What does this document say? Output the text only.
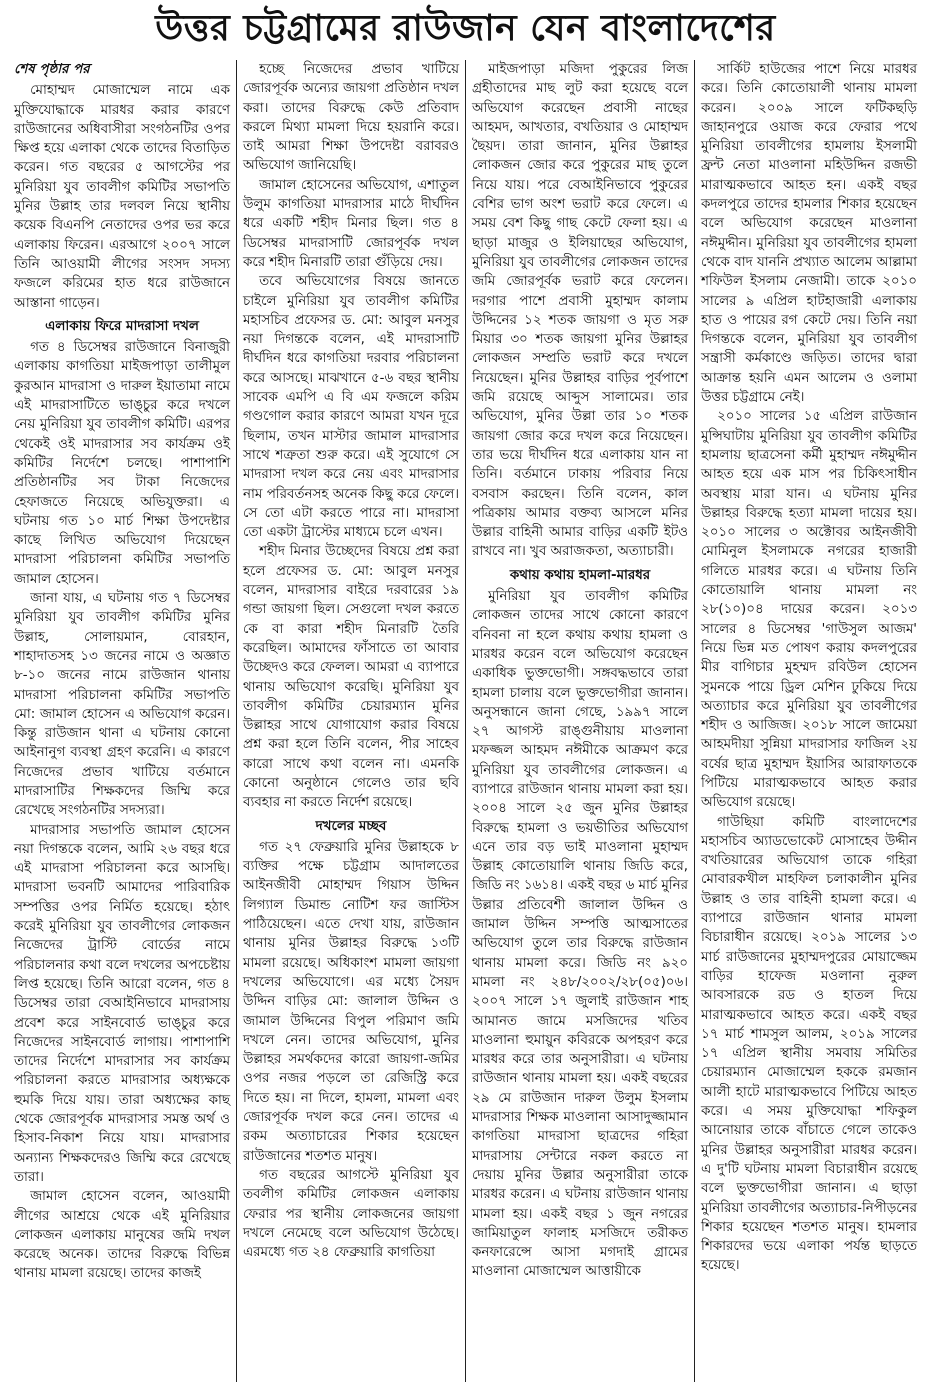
উত্তর চট্টগ্রামের রাউজান যেন বাংলাদেশের
শেষ পৃষ্ঠার পর

মোহাম্মদ মোজাম্মেল নামে এক মুক্তিযোদ্ধাকে মারধর করার কারণে রাউজানের অধিবাসীরা সংগঠনটির ওপর ক্ষিপ্ত হয়ে এলাকা থেকে তাদের বিতাড়িত করেন। গত বছরের ৫ আগস্টের পর মুনিরিয়া যুব তাবলীগ কমিটির সভাপতি মুনির উল্লাহ তার দলবল নিয়ে স্থানীয় কয়েক বিএনপি নেতাদের ওপর ভর করে এলাকায় ফিরেন। এরআগে ২০০৭ সালে তিনি আওয়ামী লীগের সংসদ সদস্য ফজলে করিমের হাত ধরে রাউজানে আস্তানা গাড়েন।

এলাকায় ফিরে মাদরাসা দখল

গত ৪ ডিসেম্বর রাউজানে বিনাজুরী এলাকায় কাগতিয়া মাইজপাড়া তালীমুল কুরআন মাদরাসা ও দারুল ইয়াতামা নামে এই মাদরাসাটিতে ভাঙ্চুর করে দখলে নেয় মুনিরিয়া যুব তাবলীগ কমিটি। এরপর থেকেই ওই মাদরাসার সব কার্যক্রম ওই কমিটির নির্দেশে চলছে। পাশাপাশি প্রতিষ্ঠানটির সব টাকা নিজেদের হেফাজতে নিয়েছে অভিযুক্তরা। এ ঘটনায় গত ১০ মার্চ শিক্ষা উপদেষ্টার কাছে লিখিত অভিযোগ দিয়েছেন মাদরাসা পরিচালনা কমিটির সভাপতি জামাল হোসেন।

জানা যায়, এ ঘটনায় গত ৭ ডিসেম্বর মুনিরিয়া যুব তাবলীগ কমিটির মুনির উল্লাহ, সোলায়মান, বোরহান, শাহাদাতসহ ১৩ জনের নামে ও অজ্ঞাত ৮-১০ জনের নামে রাউজান থানায় মাদরাসা পরিচালনা কমিটির সভাপতি মো: জামাল হোসেন এ অভিযোগ করেন। কিন্তু রাউজান থানা এ ঘটনায় কোনো আইনানুগ ব্যবস্থা গ্রহণ করেনি। এ কারণে নিজেদের প্রভাব খাটিয়ে বর্তমানে মাদরাসাটির শিক্ষকদের জিম্মি করে রেখেছে সংগঠনটির সদস্যরা।

মাদরাসার সভাপতি জামাল হোসেন নয়া দিগন্তকে বলেন, আমি ২৬ বছর ধরে এই মাদরাসা পরিচালনা করে আসছি। মাদরাসা ভবনটি আমাদের পারিবারিক সম্পত্তির ওপর নির্মিত হয়েছে। হঠাৎ করেই মুনিরিয়া যুব তাবলীগের লোকজন নিজেদের ট্রাস্টি বোর্ডের নামে পরিচালনার কথা বলে দখলের অপচেষ্টায় লিপ্ত হয়েছে। তিনি আরো বলেন, গত ৪ ডিসেম্বর তারা বেআইনিভাবে মাদরাসায় প্রবেশ করে সাইনবোর্ড ভাঙ্চুর করে নিজেদের সাইনবোর্ড লাগায়। পাশাপাশি তাদের নির্দেশে মাদরাসার সব কার্যক্রম পরিচালনা করতে মাদরাসার অধ্যক্ষকে হুমকি দিয়ে যায়। তারা অধ্যক্ষের কাছ থেকে জোরপূর্বক মাদরাসার সমস্ত অর্থ ও হিসাব-নিকাশ নিয়ে যায়। মাদরাসার অন্যান্য শিক্ষকদেরও জিম্মি করে রেখেছে তারা।

জামাল হোসেন বলেন, আওয়ামী লীগের আশ্রয়ে থেকে এই মুনিরিয়ার লোকজন এলাকায় মানুষের জমি দখল করেছে অনেক। তাদের বিরুদ্ধে বিভিন্ন থানায় মামলা রয়েছে। তাদের কাজই

হচ্ছে নিজেদের প্রভাব খাটিয়ে জোরপূর্বক অন্যের জায়গা প্রতিষ্ঠান দখল করা। তাদের বিরুদ্ধে কেউ প্রতিবাদ করলে মিথ্যা মামলা দিয়ে হয়রানি করে। তাই আমরা শিক্ষা উপদেষ্টা বরাবরও অভিযোগ জানিয়েছি।

জামাল হোসেনের অভিযোগ, এশাতুল উলুম কাগতিয়া মাদরাসার মাঠে দীর্ঘদিন ধরে একটি শহীদ মিনার ছিল। গত ৪ ডিসেম্বর মাদরাসাটি জোরপূর্বক দখল করে শহীদ মিনারটি তারা গুঁড়িয়ে দেয়।

তবে অভিযোগের বিষয়ে জানতে চাইলে মুনিরিয়া যুব তাবলীগ কমিটির মহাসচিব প্রফেসর ড. মো: আবুল মনসুর নয়া দিগন্তকে বলেন, এই মাদরাসাটি দীর্ঘদিন ধরে কাগতিয়া দরবার পরিচালনা করে আসছে। মাঝখানে ৫-৬ বছর স্থানীয় সাবেক এমপি এ বি এম ফজলে করিম গণ্ডগোল করার কারণে আমরা যখন দূরে ছিলাম, তখন মাস্টার জামাল মাদরাসার সাথে শত্রুতা শুরু করে। এই সুযোগে সে মাদরাসা দখল করে নেয় এবং মাদরাসার নাম পরিবর্তনসহ অনেক কিছু করে ফেলে। সে তো এটা করতে পারে না। মাদরাসা তো একটা ট্রাস্টের মাধ্যমে চলে এখন।

শহীদ মিনার উচ্ছেদের বিষয়ে প্রশ্ন করা হলে প্রফেসর ড. মো: আবুল মনসুর বলেন, মাদরাসার বাইরে দরবারের ১৯ গন্ডা জায়গা ছিল। সেগুলো দখল করতে কে বা কারা শহীদ মিনারটি তৈরি করেছিল। আমাদের ফাঁসাতে তা আবার উচ্ছেদও করে ফেলল। আমরা এ ব্যাপারে থানায় অভিযোগ করেছি। মুনিরিয়া যুব তাবলীগ কমিটির চেয়ারম্যান মুনির উল্লাহর সাথে যোগাযোগ করার বিষয়ে প্রশ্ন করা হলে তিনি বলেন, পীর সাহেব কারো সাথে কথা বলেন না। এমনকি কোনো অনুষ্ঠানে গেলেও তার ছবি ব্যবহার না করতে নির্দেশ রয়েছে।

দখলের মচ্ছব

গত ২৭ ফেব্রুয়ারি মুনির উল্লাহকে ৮ ব্যক্তির পক্ষে চট্টগ্রাম আদালতের আইনজীবী মোহাম্মদ গিয়াস উদ্দিন লিগ্যাল ডিমান্ড নোটিশ ফর জাস্টিস পাঠিয়েছেন। এতে দেখা যায়, রাউজান থানায় মুনির উল্লাহর বিরুদ্ধে ১৩টি মামলা রয়েছে। অধিকাংশ মামলা জায়গা দখলের অভিযোগে। এর মধ্যে সৈয়দ উদ্দিন বাড়ির মো: জালাল উদ্দিন ও জামাল উদ্দিনের বিপুল পরিমাণ জমি দখলে নেন। তাদের অভিযোগ, মুনির উল্লাহর সমর্থকদের কারো জায়গা-জমির ওপর নজর পড়লে তা রেজিস্ট্রি করে দিতে হয়। না দিলে, হামলা, মামলা এবং জোরপূর্বক দখল করে নেন। তাদের এ রকম অত্যাচারের শিকার হয়েছেন রাউজানের শতশত মানুষ।

গত বছরের আগস্টে মুনিরিয়া যুব তবলীগ কমিটির লোকজন এলাকায় ফেরার পর স্থানীয় লোকজনের জায়গা দখলে নেমেছে বলে অভিযোগ উঠেছে। এরমধ্যে গত ২৪ ফেব্রুয়ারি কাগতিয়া

মাইজপাড়া মজিদা পুকুরের লিজ গ্রহীতাদের মাছ লুট করা হয়েছে বলে অভিযোগ করেছেন প্রবাসী নাছের আহমদ, আখতার, বখতিয়ার ও মোহাম্মদ ছৈয়দ। তারা জানান, মুনির উল্লাহর লোকজন জোর করে পুকুরের মাছ তুলে নিয়ে যায়। পরে বেআইনিভাবে পুকুরের বেশির ভাগ অংশ ভরাট করে ফেলে। এ সময় বেশ কিছু গাছ কেটে ফেলা হয়। এ ছাড়া মাজুর ও ইলিয়াছের অভিযোগ, মুনিরিয়া যুব তাবলীগের লোকজন তাদের জমি জোরপূর্বক ভরাট করে ফেলেন। দরগার পাশে প্রবাসী মুহাম্মদ কালাম উদ্দিনের ১২ শতক জায়গা ও মৃত সরু মিয়ার ৩০ শতক জায়গা মুনির উল্লাহর লোকজন সম্প্রতি ভরাট করে দখলে নিয়েছেন। মুনির উল্লাহর বাড়ির পূর্বপাশে জমি রয়েছে আব্দুস সালামের। তার অভিযোগ, মুনির উল্লা তার ১০ শতক জায়গা জোর করে দখল করে নিয়েছেন। তার ভয়ে দীর্ঘদিন ধরে এলাকায় যান না তিনি। বর্তমানে ঢাকায় পরিবার নিয়ে বসবাস করছেন। তিনি বলেন, কাল পত্রিকায় আমার বক্তব্য আসলে মনির উল্লার বাহিনী আমার বাড়ির একটি ইটও রাখবে না। খুব অরাজকতা, অত্যাচারী।

কথায় কথায় হামলা-মারধর

মুনিরিয়া যুব তাবলীগ কমিটির লোকজন তাদের সাথে কোনো কারণে বনিবনা না হলে কথায় কথায় হামলা ও মারধর করেন বলে অভিযোগ করেছেন একাধিক ভুক্তভোগী। সঙ্গবদ্ধভাবে তারা হামলা চালায় বলে ভুক্তভোগীরা জানান। অনুসন্ধানে জানা গেছে, ১৯৯৭ সালে ২৭ আগস্ট রাঙ্গুনীয়ায় মাওলানা মফজ্জল আহমদ নঈমীকে আক্রমণ করে মুনিরিয়া যুব তাবলীগের লোকজন। এ ব্যাপারে রাউজান থানায় মামলা করা হয়। ২০০৪ সালে ২৫ জুন মুনির উল্লাহর বিরুদ্ধে হামলা ও ভয়ভীতির অভিযোগ এনে তার বড় ভাই মাওলানা মুহাম্মদ উল্লাহ কোতোয়ালি থানায় জিডি করে, জিডি নং ১৬১৪। একই বছর ৬ মার্চ মুনির উল্লার প্রতিবেশী জালাল উদ্দিন ও জামাল উদ্দিন সম্পত্তি আত্মসাতের অভিযোগ তুলে তার বিরুদ্ধে রাউজান থানায় মামলা করে। জিডি নং ৯২০ মামলা নং ২৪৮/২০০২/২৮(০৫)০৬। ২০০৭ সালে ১৭ জুলাই রাউজান শাহ আমানত জামে মসজিদের খতিব মাওলানা হুমায়ুন কবিরকে অপহরণ করে মারধর করে তার অনুসারীরা। এ ঘটনায় রাউজান থানায় মামলা হয়। একই বছরের ২৯ মে রাউজান দারুল উলুম ইসলাম মাদরাসার শিক্ষক মাওলানা আসাদুজ্জামান কাগতিয়া মাদরাসা ছাত্রদের গহিরা মাদরাসায় সেন্টারে নকল করতে না দেয়ায় মুনির উল্লার অনুসারীরা তাকে মারধর করেন। এ ঘটনায় রাউজান থানায় মামলা হয়। একই বছর ১ জুন নগরের জামিয়াতুল ফালাহ মসজিদে তরীকত কনফারেন্সে আসা মগদাই গ্রামের মাওলানা মোজাম্মেল আত্তায়ীকে

সার্কিট হাউজের পাশে নিয়ে মারধর করে। তিনি কোতোয়ালী থানায় মামলা করেন। ২০০৯ সালে ফটিকছড়ি জাহানপুরে ওয়াজ করে ফেরার পথে মুনিরিয়া তাবলীগের হামলায় ইসলামী ফ্রন্ট নেতা মাওলানা মহিউদ্দিন রজভী মারাত্মকভাবে আহত হন। একই বছর কদলপুরে তাদের হামলার শিকার হয়েছেন বলে অভিযোগ করেছেন মাওলানা নঈমুদ্দীন। মুনিরিয়া যুব তাবলীগের হামলা থেকে বাদ যাননি প্রখ্যাত আলেম আল্লামা শফিউল ইসলাম নেজামী। তাকে ২০১০ সালের ৯ এপ্রিল হাটহাজারী এলাকায় হাত ও পায়ের রগ কেটে দেয়। তিনি নয়া দিগন্তকে বলেন, মুনিরিয়া যুব তাবলীগ সন্ত্রাসী কর্মকাণ্ডে জড়িত। তাদের দ্বারা আক্রান্ত হয়নি এমন আলেম ও ওলামা উত্তর চট্টগ্রামে নেই।

২০১০ সালের ১৫ এপ্রিল রাউজান মুন্সিঘাটায় মুনিরিয়া যুব তাবলীগ কমিটির হামলায় ছাত্রসেনা কর্মী মুহাম্মদ নঈমুদ্দীন আহত হয়ে এক মাস পর চিকিৎসাধীন অবস্থায় মারা যান। এ ঘটনায় মুনির উল্লাহর বিরুদ্ধে হত্যা মামলা দায়ের হয়। ২০১০ সালের ৩ অক্টোবর আইনজীবী মোমিনুল ইসলামকে নগরের হাজারী গলিতে মারধর করে। এ ঘটনায় তিনি কোতোয়ালি থানায় মামলা নং ২৮(১০)০৪ দায়ের করেন। ২০১৩ সালের ৪ ডিসেম্বর 'গাউসুল আজম' নিয়ে ভিন্ন মত পোষণ করায় কদলপুরের মীর বাগিচার মুহম্মদ রবিউল হোসেন সুমনকে পায়ে ড্রিল মেশিন ঢুকিয়ে দিয়ে অত্যাচার করে মুনিরিয়া যুব তাবলীগের শহীদ ও আজিজ। ২০১৮ সালে জামেয়া আহমদীয়া সুন্নিয়া মাদরাসার ফাজিল ২য় বর্ষের ছাত্র মুহাম্মদ ইয়াসির আরাফাতকে পিটিয়ে মারাত্মকভাবে আহত করার অভিযোগ রয়েছে।

গাউছিয়া কমিটি বাংলাদেশের মহাসচিব অ্যাডভোকেট মোসাহেব উদ্দীন বখতিয়ারের অভিযোগ তাকে গহিরা মোবারকখীল মাহফিল চলাকালীন মুনির উল্লাহ ও তার বাহিনী হামলা করে। এ ব্যাপারে রাউজান থানার মামলা বিচারাধীন রয়েছে। ২০১৯ সালের ১৩ মার্চ রাউজানের মুহাম্মদপুরের মোয়াজ্জেম বাড়ির হাফেজ মওলানা নুরুল আবসারকে রড ও হাতল দিয়ে মারাত্মকভাবে আহত করে। একই বছর ১৭ মার্চ শামসুল আলম, ২০১৯ সালের ১৭ এপ্রিল স্থানীয় সমবায় সমিতির চেয়ারম্যান মোজাম্মেল হককে রমজান আলী হাটে মারাত্মকভাবে পিটিয়ে আহত করে। এ সময় মুক্তিযোদ্ধা শফিকুল আনোয়ার তাকে বাঁচাতে গেলে তাকেও মুনির উল্লাহর অনুসারীরা মারধর করেন। এ দু'টি ঘটনায় মামলা বিচারাধীন রয়েছে বলে ভুক্তভোগীরা জানান। এ ছাড়া মুনিরিয়া তাবলীগের অত্যাচার-নিপীড়নের শিকার হয়েছেন শতশত মানুষ। হামলার শিকারদের ভয়ে এলাকা পর্যন্ত ছাড়তে হয়েছে।
